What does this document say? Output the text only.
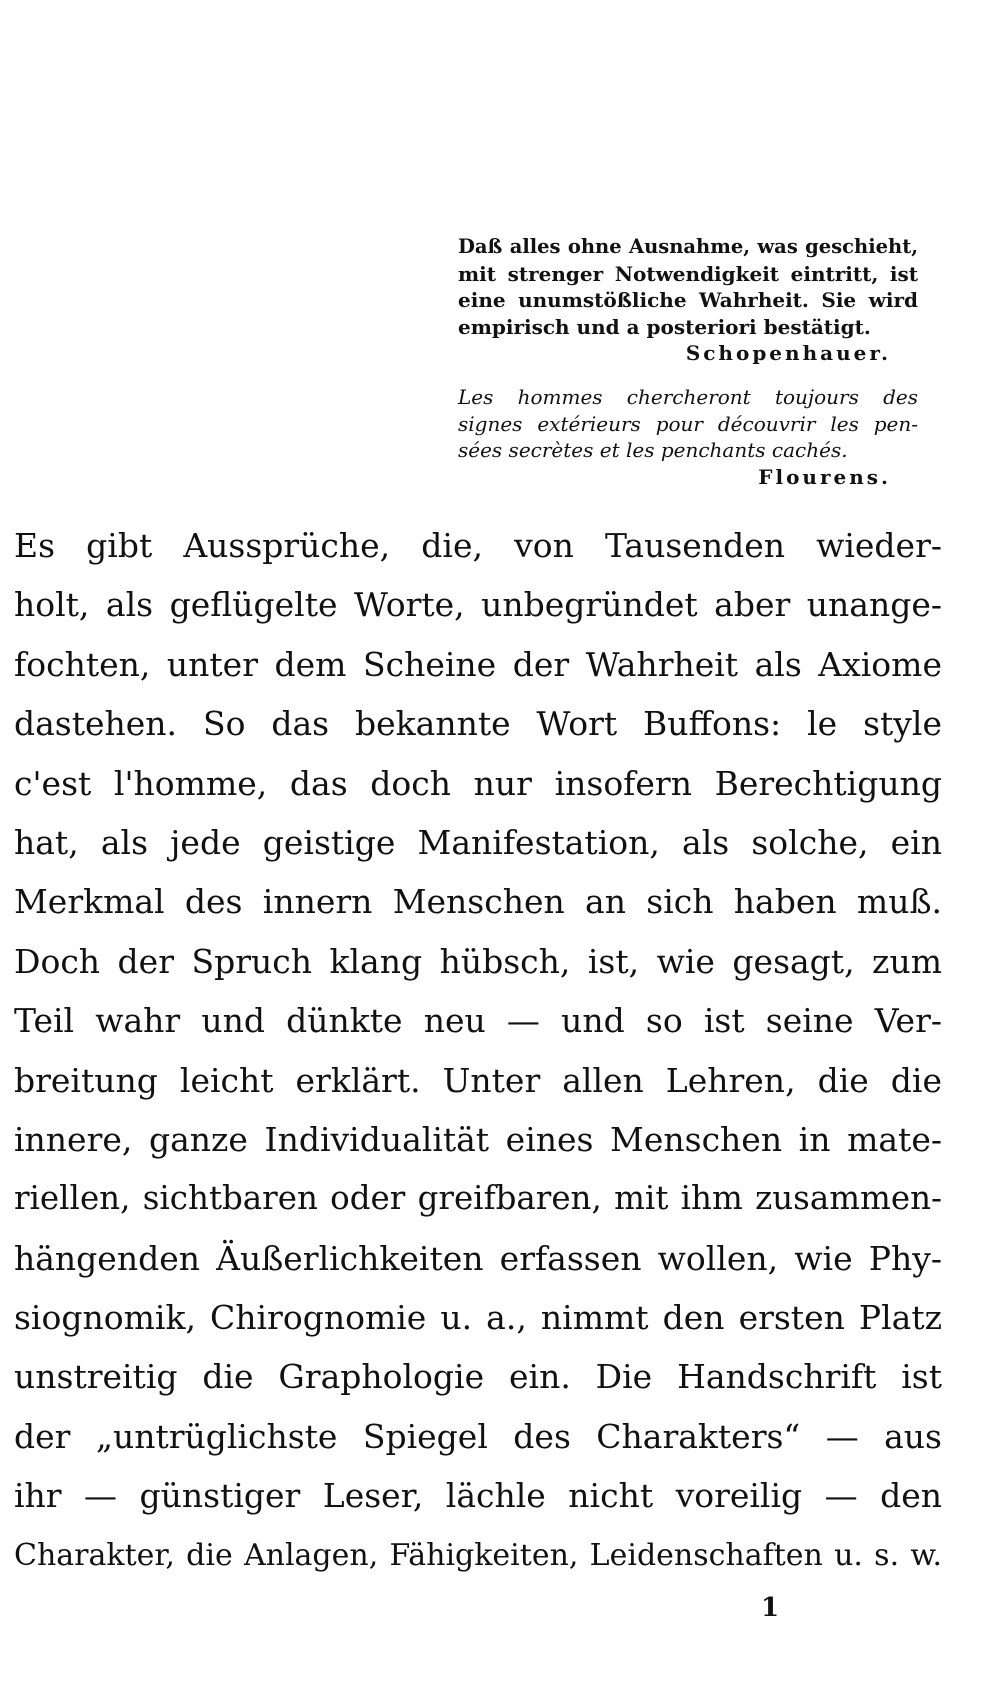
Daß alles ohne Ausnahme, was geschieht,
mit strenger Notwendigkeit eintritt, ist
eine unumstößliche Wahrheit. Sie wird
empirisch und a posteriori bestätigt.
Schopenhauer.
Les hommes chercheront toujours des
signes extérieurs pour découvrir les pen-
sées secrètes et les penchants cachés.
Flourens.
Es gibt Aussprüche, die, von Tausenden wieder-
holt, als geflügelte Worte, unbegründet aber unange-
fochten, unter dem Scheine der Wahrheit als Axiome
dastehen. So das bekannte Wort Buffons: le style
c'est l'homme, das doch nur insofern Berechtigung
hat, als jede geistige Manifestation, als solche, ein
Merkmal des innern Menschen an sich haben muß.
Doch der Spruch klang hübsch, ist, wie gesagt, zum
Teil wahr und dünkte neu — und so ist seine Ver-
breitung leicht erklärt. Unter allen Lehren, die die
innere, ganze Individualität eines Menschen in mate-
riellen, sichtbaren oder greifbaren, mit ihm zusammen-
hängenden Äußerlichkeiten erfassen wollen, wie Phy-
siognomik, Chirognomie u. a., nimmt den ersten Platz
unstreitig die Graphologie ein. Die Handschrift ist
der „untrüglichste Spiegel des Charakters“ — aus
ihr — günstiger Leser, lächle nicht voreilig — den
Charakter, die Anlagen, Fähigkeiten, Leidenschaften u. s. w.
1
